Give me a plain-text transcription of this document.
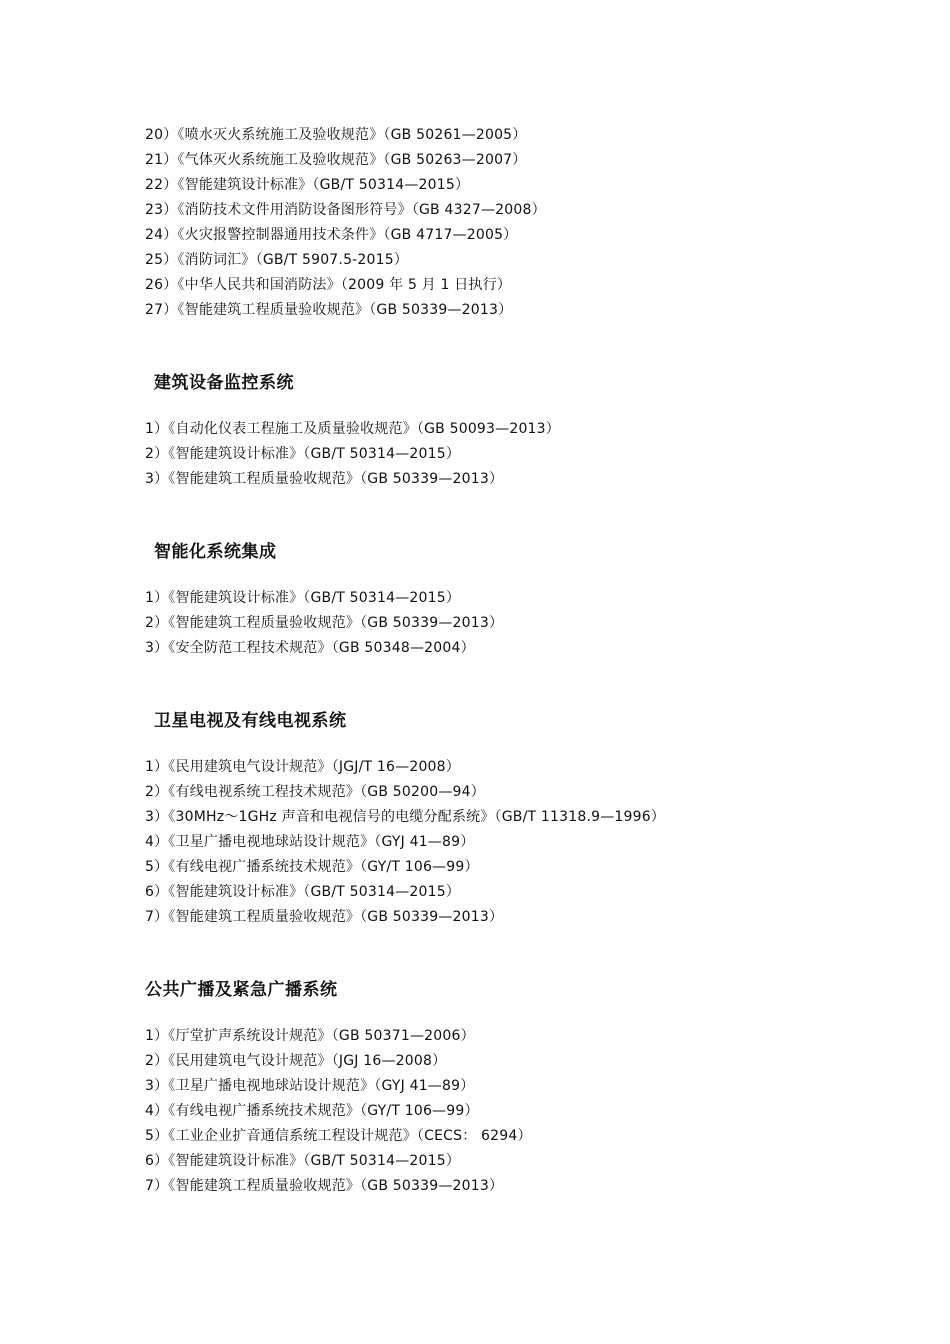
20）《喷水灭火系统施工及验收规范》（GB 50261—2005）
21）《气体灭火系统施工及验收规范》（GB 50263—2007）
22）《智能建筑设计标准》（GB/T 50314—2015）
23）《消防技术文件用消防设备图形符号》（GB 4327—2008）
24）《火灾报警控制器通用技术条件》（GB 4717—2005）
25）《消防词汇》（GB/T 5907.5-2015）
26）《中华人民共和国消防法》（2009 年 5 月 1 日执行）
27）《智能建筑工程质量验收规范》（GB 50339—2013）
建筑设备监控系统
1）《自动化仪表工程施工及质量验收规范》（GB 50093—2013）
2）《智能建筑设计标准》（GB/T 50314—2015）
3）《智能建筑工程质量验收规范》（GB 50339—2013）
智能化系统集成
1）《智能建筑设计标准》（GB/T 50314—2015）
2）《智能建筑工程质量验收规范》（GB 50339—2013）
3）《安全防范工程技术规范》（GB 50348—2004）
卫星电视及有线电视系统
1）《民用建筑电气设计规范》（JGJ/T 16—2008）
2）《有线电视系统工程技术规范》（GB 50200—94）
3）《30MHz～1GHz 声音和电视信号的电缆分配系统》（GB/T 11318.9—1996）
4）《卫星广播电视地球站设计规范》（GYJ 41—89）
5）《有线电视广播系统技术规范》（GY/T 106—99）
6）《智能建筑设计标准》（GB/T 50314—2015）
7）《智能建筑工程质量验收规范》（GB 50339—2013）
公共广播及紧急广播系统
1）《厅堂扩声系统设计规范》（GB 50371—2006）
2）《民用建筑电气设计规范》（JGJ 16—2008）
3）《卫星广播电视地球站设计规范》（GYJ 41—89）
4）《有线电视广播系统技术规范》（GY/T 106—99）
5）《工业企业扩音通信系统工程设计规范》（CECS： 6294）
6）《智能建筑设计标准》（GB/T 50314—2015）
7）《智能建筑工程质量验收规范》（GB 50339—2013）
